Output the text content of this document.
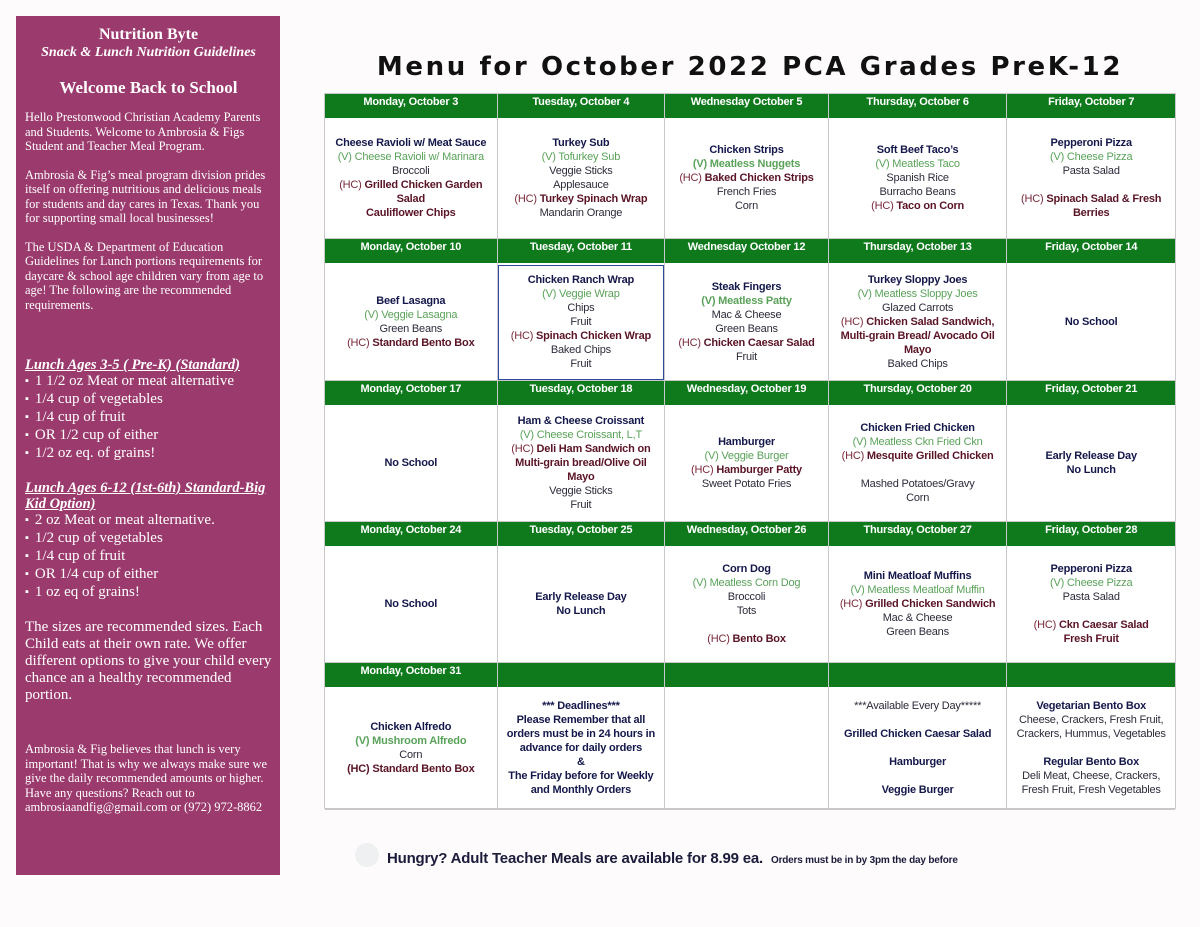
Nutrition Byte
Snack & Lunch Nutrition Guidelines
Welcome Back to School

Hello Prestonwood Christian Academy Parents and Students. Welcome to Ambrosia & Figs Student and Teacher Meal Program.

Ambrosia & Fig’s meal program division prides itself on offering nutritious and delicious meals for students and day cares in Texas. Thank you for supporting small local businesses!

The USDA & Department of Education Guidelines for Lunch portions requirements for daycare & school age children vary from age to age! The following are the recommended requirements.

Lunch Ages 3-5 ( Pre-K) (Standard)
▪ 1 1/2 oz Meat or meat alternative
▪ 1/4 cup of vegetables
▪ 1/4 cup of fruit
▪ OR 1/2 cup of either
▪ 1/2 oz eq. of grains!
Lunch Ages 6-12 (1st-6th) Standard-Big Kid Option)
▪ 2 oz Meat or meat alternative.
▪ 1/2 cup of vegetables
▪ 1/4 cup of fruit
▪ OR 1/4 cup of either
▪ 1 oz eq of grains!

The sizes are recommended sizes. Each Child eats at their own rate. We offer different options to give your child every chance an a healthy recommended portion.

Ambrosia & Fig believes that lunch is very important! That is why we always make sure we give the daily recommended amounts or higher. Have any questions? Reach out to ambrosiaandfig@gmail.com or (972) 972-8862

Menu for October 2022 PCA Grades PreK-12
Monday, October 3
Cheese Ravioli w/ Meat Sauce
(V) Cheese Ravioli w/ Marinara
Broccoli
(HC) Grilled Chicken Garden Salad
Cauliflower Chips
Tuesday, October 4
Turkey Sub
(V) Tofurkey Sub
Veggie Sticks
Applesauce
(HC) Turkey Spinach Wrap
Mandarin Orange
Wednesday October 5
Chicken Strips
(V) Meatless Nuggets
(HC) Baked Chicken Strips
French Fries
Corn
Thursday, October 6
Soft Beef Taco’s
(V) Meatless Taco
Spanish Rice
Burracho Beans
(HC) Taco on Corn
Friday, October 7
Pepperoni Pizza
(V) Cheese Pizza
Pasta Salad
(HC) Spinach Salad & Fresh Berries
Monday, October 10
Beef Lasagna
(V) Veggie Lasagna
Green Beans
(HC) Standard Bento Box
Tuesday, October 11
Chicken Ranch Wrap
(V) Veggie Wrap
Chips
Fruit
(HC) Spinach Chicken Wrap
Baked Chips
Fruit
Wednesday October 12
Steak Fingers
(V) Meatless Patty
Mac & Cheese
Green Beans
(HC) Chicken Caesar Salad
Fruit
Thursday, October 13
Turkey Sloppy Joes
(V) Meatless Sloppy Joes
Glazed Carrots
(HC) Chicken Salad Sandwich, Multi-grain Bread/ Avocado Oil Mayo
Baked Chips
Friday, October 14
No School
Monday, October 17
No School
Tuesday, October 18
Ham & Cheese Croissant
(V) Cheese Croissant, L,T
(HC) Deli Ham Sandwich on Multi-grain bread/Olive Oil Mayo
Veggie Sticks
Fruit
Wednesday, October 19
Hamburger
(V) Veggie Burger
(HC) Hamburger Patty
Sweet Potato Fries
Thursday, October 20
Chicken Fried Chicken
(V) Meatless Ckn Fried Ckn
(HC) Mesquite Grilled Chicken
Mashed Potatoes/Gravy
Corn
Friday, October 21
Early Release Day
No Lunch
Monday, October 24
No School
Tuesday, October 25
Early Release Day
No Lunch
Wednesday, October 26
Corn Dog
(V) Meatless Corn Dog
Broccoli
Tots
(HC) Bento Box
Thursday, October 27
Mini Meatloaf Muffins
(V) Meatless Meatloaf Muffin
(HC) Grilled Chicken Sandwich
Mac & Cheese
Green Beans
Friday, October 28
Pepperoni Pizza
(V) Cheese Pizza
Pasta Salad
(HC) Ckn Caesar Salad
Fresh Fruit
Monday, October 31
Chicken Alfredo
(V) Mushroom Alfredo
Corn
(HC) Standard Bento Box
*** Deadlines***
Please Remember that all orders must be in 24 hours in advance for daily orders
&
The Friday before for Weekly and Monthly Orders
***Available Every Day*****
Grilled Chicken Caesar Salad
Hamburger
Veggie Burger
Vegetarian Bento Box
Cheese, Crackers, Fresh Fruit, Crackers, Hummus, Vegetables
Regular Bento Box
Deli Meat, Cheese, Crackers, Fresh Fruit, Fresh Vegetables
Hungry? Adult Teacher Meals are available for 8.99 ea. Orders must be in by 3pm the day before
